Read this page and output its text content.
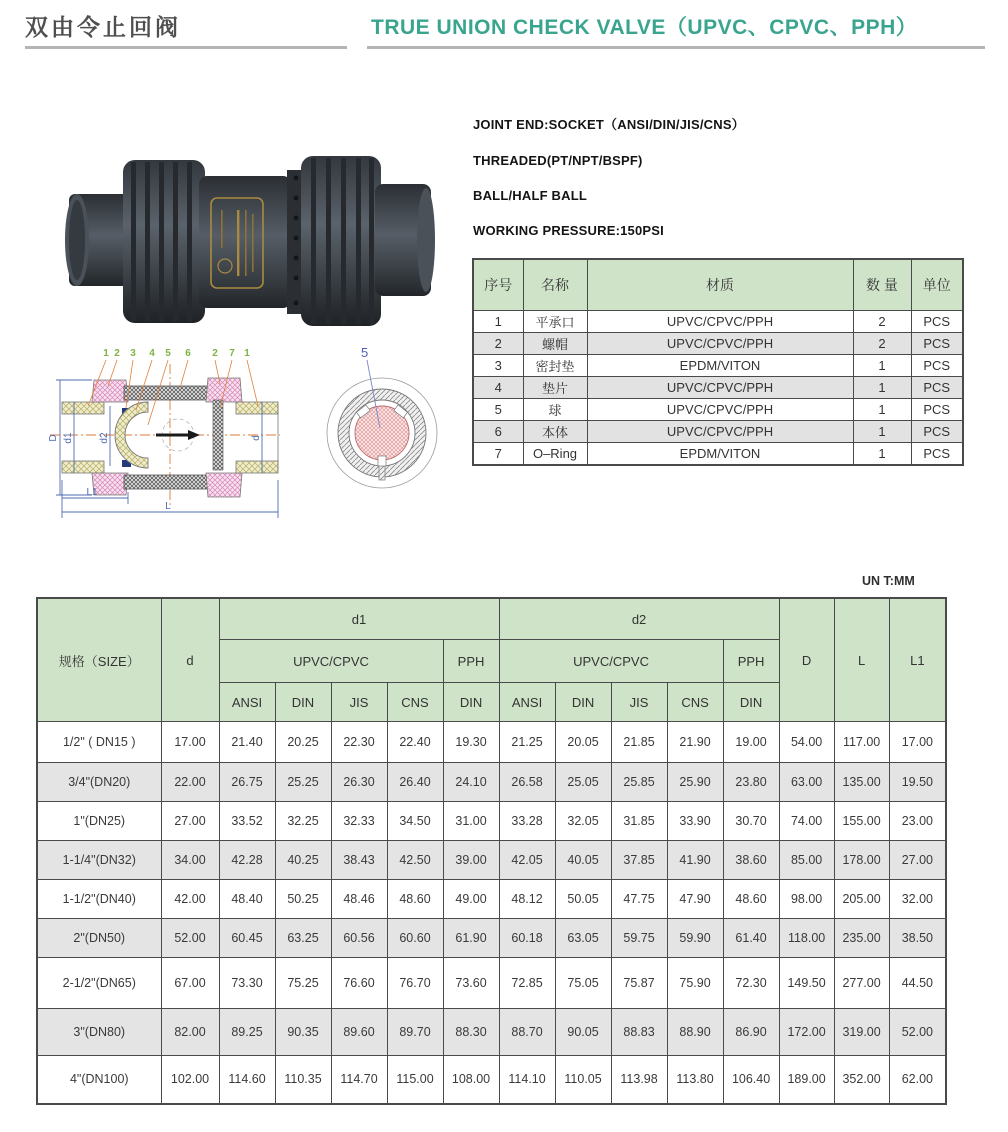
双由令止回阀	TRUE UNION CHECK VALVE（UPVC、CPVC、PPH）

JOINT END:SOCKET（ANSI/DIN/JIS/CNS）

THREADED(PT/NPT/BSPF)

BALL/HALF BALL

WORKING PRESSURE:150PSI

序号	名称	材质	数 量	单位
1	平承口	UPVC/CPVC/PPH	2	PCS
2	螺帽	UPVC/CPVC/PPH	2	PCS
3	密封垫	EPDM/VITON	1	PCS
4	垫片	UPVC/CPVC/PPH	1	PCS
5	球	UPVC/CPVC/PPH	1	PCS
6	本体	UPVC/CPVC/PPH	1	PCS
7	O–Ring	EPDM/VITON	1	PCS
1 2 3 4 5 6 2 7 1
D d1	d2	d
L1
L
5
UN T:MM
规格（SIZE）	d	d1					d2					D	L	L1
		UPVC/CPVC				PPH	UPVC/CPVC				PPH			
		ANSI	DIN	JIS	CNS	DIN	ANSI	DIN	JIS	CNS	DIN			
1/2" ( DN15 )	17.00	21.40	20.25	22.30	22.40	19.30	21.25	20.05	21.85	21.90	19.00	54.00	117.00	17.00
3/4"(DN20)	22.00	26.75	25.25	26.30	26.40	24.10	26.58	25.05	25.85	25.90	23.80	63.00	135.00	19.50
1"(DN25)	27.00	33.52	32.25	32.33	34.50	31.00	33.28	32.05	31.85	33.90	30.70	74.00	155.00	23.00
1-1/4"(DN32)	34.00	42.28	40.25	38.43	42.50	39.00	42.05	40.05	37.85	41.90	38.60	85.00	178.00	27.00
1-1/2"(DN40)	42.00	48.40	50.25	48.46	48.60	49.00	48.12	50.05	47.75	47.90	48.60	98.00	205.00	32.00
2"(DN50)	52.00	60.45	63.25	60.56	60.60	61.90	60.18	63.05	59.75	59.90	61.40	118.00	235.00	38.50
2-1/2"(DN65)	67.00	73.30	75.25	76.60	76.70	73.60	72.85	75.05	75.87	75.90	72.30	149.50	277.00	44.50
3"(DN80)	82.00	89.25	90.35	89.60	89.70	88.30	88.70	90.05	88.83	88.90	86.90	172.00	319.00	52.00
4"(DN100)	102.00	114.60	110.35	114.70	115.00	108.00	114.10	110.05	113.98	113.80	106.40	189.00	352.00	62.00
